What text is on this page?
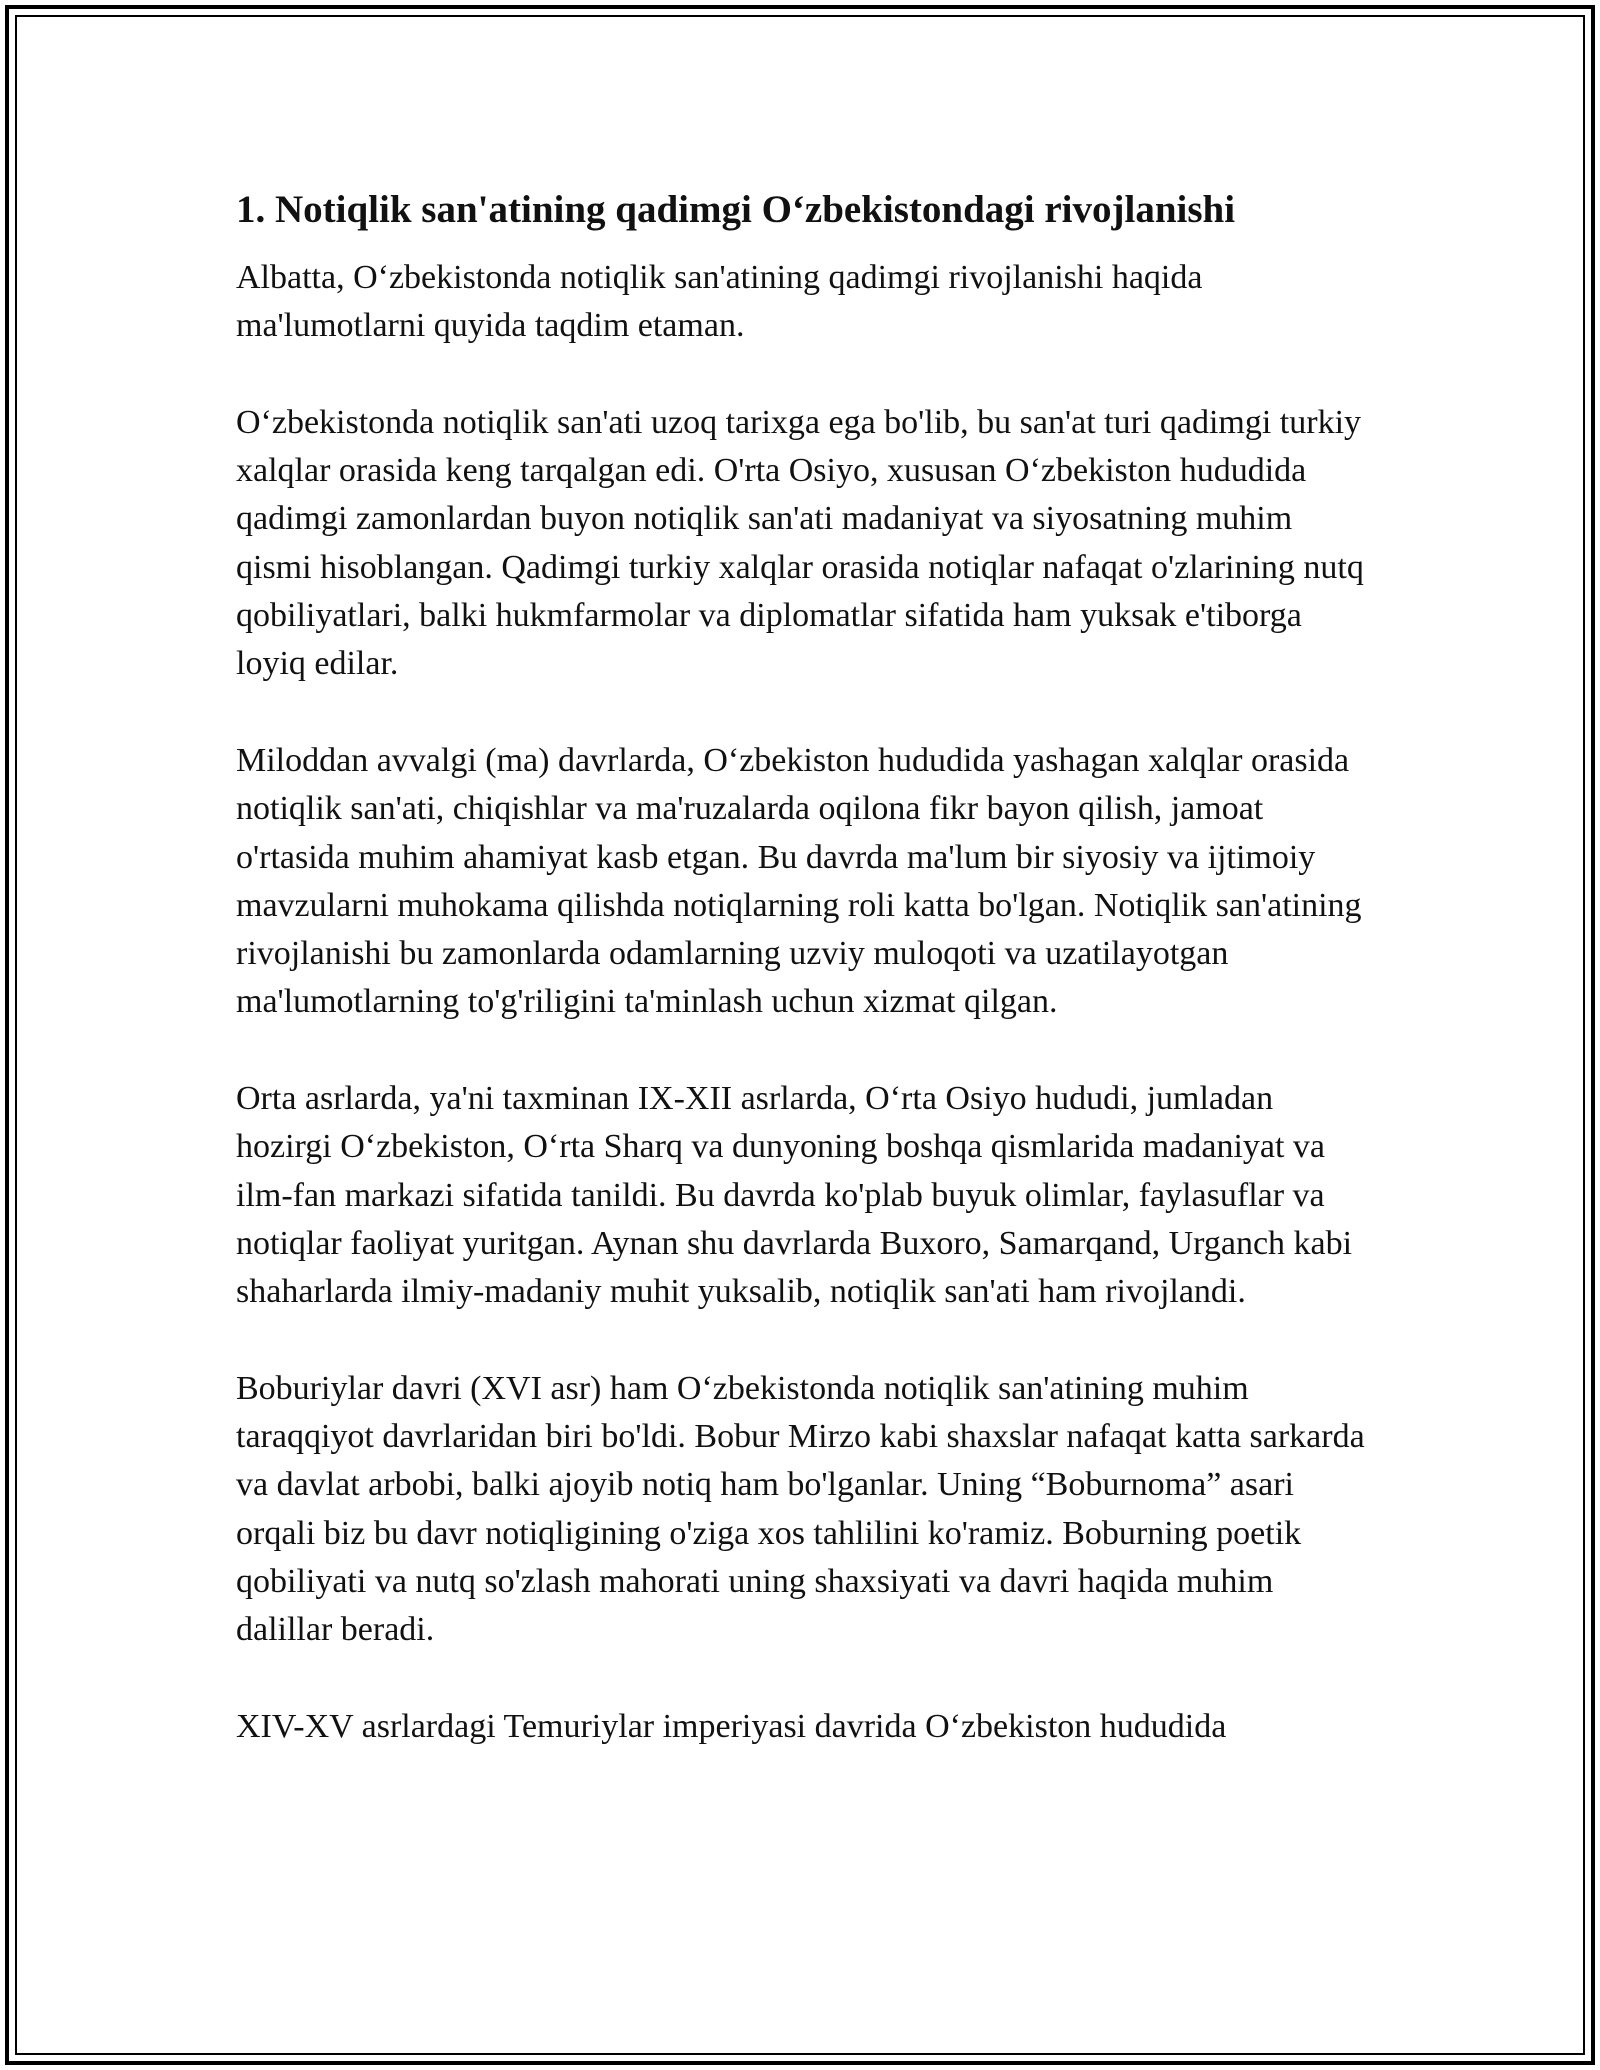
1. Notiqlik san'atining qadimgi O‘zbekistondagi rivojlanishi

Albatta, O‘zbekistonda notiqlik san'atining qadimgi rivojlanishi haqida ma'lumotlarni quyida taqdim etaman.

O‘zbekistonda notiqlik san'ati uzoq tarixga ega bo'lib, bu san'at turi qadimgi turkiy xalqlar orasida keng tarqalgan edi. O'rta Osiyo, xususan O‘zbekiston hududida qadimgi zamonlardan buyon notiqlik san'ati madaniyat va siyosatning muhim qismi hisoblangan. Qadimgi turkiy xalqlar orasida notiqlar nafaqat o'zlarining nutq qobiliyatlari, balki hukmfarmolar va diplomatlar sifatida ham yuksak e'tiborga loyiq edilar.

Miloddan avvalgi (ma) davrlarda, O‘zbekiston hududida yashagan xalqlar orasida notiqlik san'ati, chiqishlar va ma'ruzalarda oqilona fikr bayon qilish, jamoat o'rtasida muhim ahamiyat kasb etgan. Bu davrda ma'lum bir siyosiy va ijtimoiy mavzularni muhokama qilishda notiqlarning roli katta bo'lgan. Notiqlik san'atining rivojlanishi bu zamonlarda odamlarning uzviy muloqoti va uzatilayotgan ma'lumotlarning to'g'riligini ta'minlash uchun xizmat qilgan.

Orta asrlarda, ya'ni taxminan IX-XII asrlarda, O‘rta Osiyo hududi, jumladan hozirgi O‘zbekiston, O‘rta Sharq va dunyoning boshqa qismlarida madaniyat va ilm-fan markazi sifatida tanildi. Bu davrda ko'plab buyuk olimlar, faylasuflar va notiqlar faoliyat yuritgan. Aynan shu davrlarda Buxoro, Samarqand, Urganch kabi shaharlarda ilmiy-madaniy muhit yuksalib, notiqlik san'ati ham rivojlandi.

Boburiylar davri (XVI asr) ham O‘zbekistonda notiqlik san'atining muhim taraqqiyot davrlaridan biri bo'ldi. Bobur Mirzo kabi shaxslar nafaqat katta sarkarda va davlat arbobi, balki ajoyib notiq ham bo'lganlar. Uning “Boburnoma” asari orqali biz bu davr notiqligining o'ziga xos tahlilini ko'ramiz. Boburning poetik qobiliyati va nutq so'zlash mahorati uning shaxsiyati va davri haqida muhim dalillar beradi.

XIV-XV asrlardagi Temuriylar imperiyasi davrida O‘zbekiston hududida
